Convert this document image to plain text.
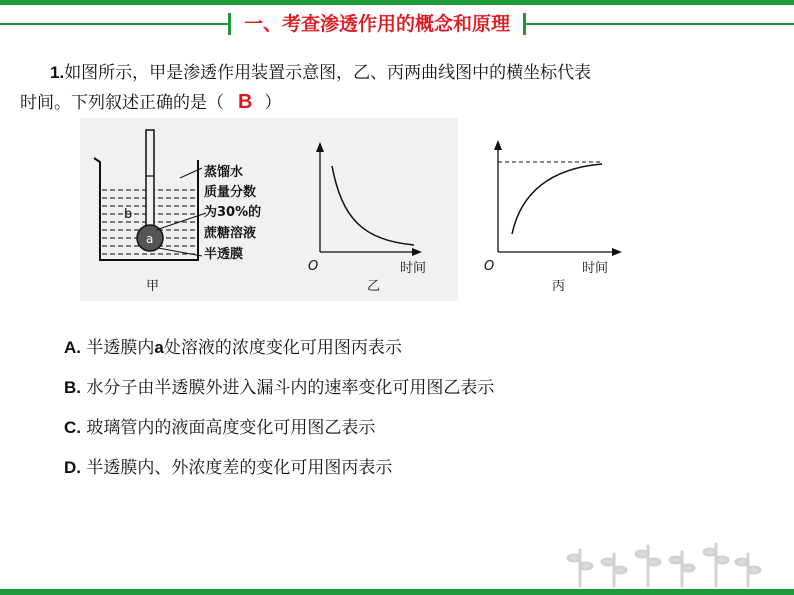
一、考查渗透作用的概念和原理
1.如图所示，甲是渗透作用装置示意图，乙、丙两曲线图中的横坐标代表
时间。下列叙述正确的是（ B ）
a
b
蒸馏水
质量分数
为30%的
蔗糖溶液
半透膜
甲
O	时间
乙
O	时间
丙
A. 半透膜内a处溶液的浓度变化可用图丙表示
B. 水分子由半透膜外进入漏斗内的速率变化可用图乙表示
C. 玻璃管内的液面高度变化可用图乙表示
D. 半透膜内、外浓度差的变化可用图丙表示
